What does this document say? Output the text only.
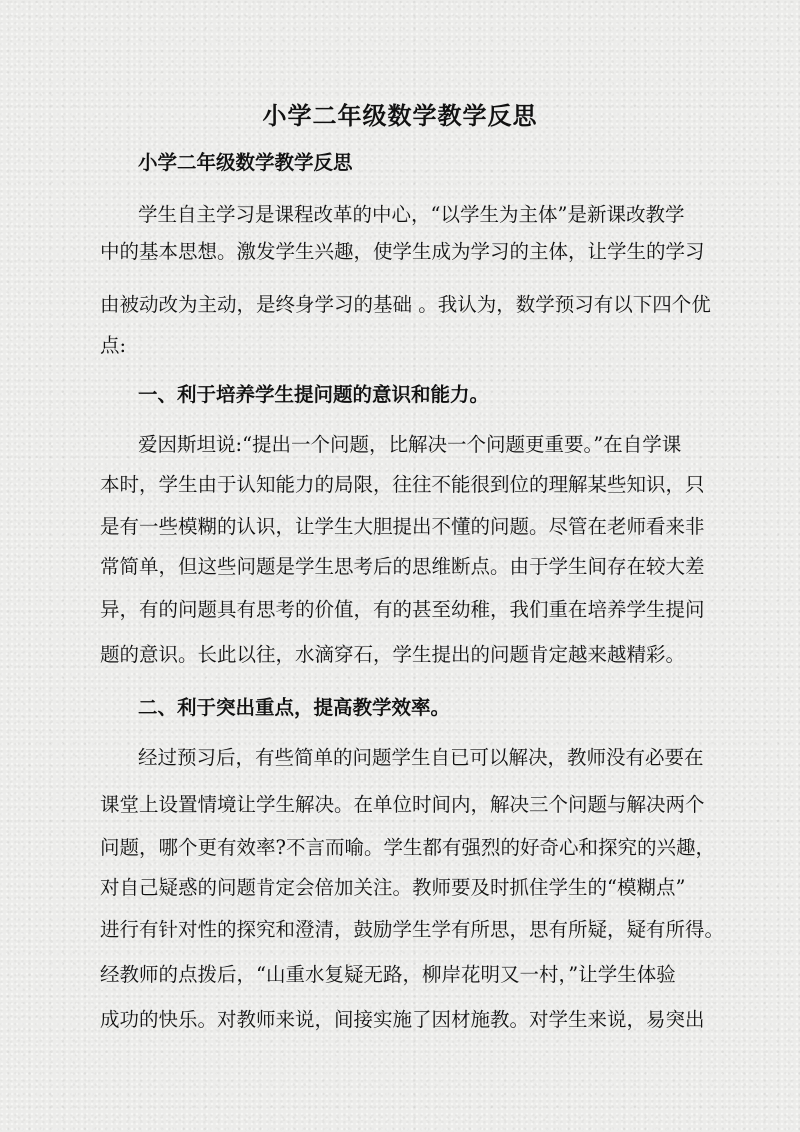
小学二年级数学教学反思
小学二年级数学教学反思
学生自主学习是课程改革的中心，“以学生为主体”是新课改教学
中的基本思想。激发学生兴趣，使学生成为学习的主体，让学生的学习
由被动改为主动，是终身学习的基础 。我认为，数学预习有以下四个优
点:
一、利于培养学生提问题的意识和能力。
爱因斯坦说:“提出一个问题，比解决一个问题更重要。”在自学课
本时，学生由于认知能力的局限，往往不能很到位的理解某些知识，只
是有一些模糊的认识，让学生大胆提出不懂的问题。尽管在老师看来非
常简单，但这些问题是学生思考后的思维断点。由于学生间存在较大差
异，有的问题具有思考的价值，有的甚至幼稚，我们重在培养学生提问
题的意识。长此以往，水滴穿石，学生提出的问题肯定越来越精彩。
二、利于突出重点，提高教学效率。
经过预习后，有些简单的问题学生自已可以解决，教师没有必要在
课堂上设置情境让学生解决。在单位时间内，解决三个问题与解决两个
问题，哪个更有效率?不言而喻。学生都有强烈的好奇心和探究的兴趣，
对自己疑惑的问题肯定会倍加关注。教师要及时抓住学生的“模糊点”
进行有针对性的探究和澄清，鼓励学生学有所思，思有所疑，疑有所得。
经教师的点拨后，“山重水复疑无路，柳岸花明又一村，”让学生体验
成功的快乐。对教师来说，间接实施了因材施教。对学生来说，易突出
